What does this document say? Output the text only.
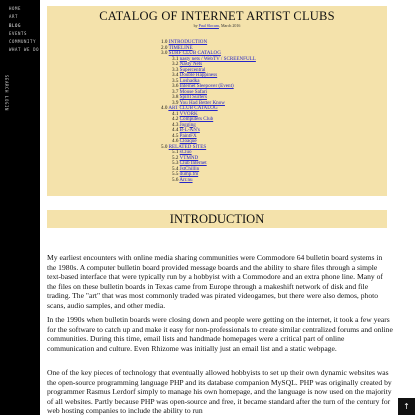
HOME
ART
BLOG
EVENTS
COMMUNITY
WHAT WE DO
SEARCH
LOGIN
CATALOG OF INTERNET ARTIST CLUBS
by Paul Slocum, March 2016
1.0 INTRODUCTION
2.0 TIMELINE
3.0 SURF CLUB CATALOG
3.1 nasty nets / WebTV / SCREENFULL
3.2 Nasty Nets
3.3 Supercentral
3.4 Double Happiness
3.5 Loshadka
3.6 Internet Sleepover (Event)
3.7 Mouse Safari
3.8 Spirit Surfers
3.9 You Had Better Know
4.0 ART CLUB CATALOG
4.1 VVORK
4.2 Computers Club
4.3 Jogging
4.4 B-L-AN's
4.5 PaintFX
4.6 Cloaque
5.0 RELATED SITES
5.1 sCluo
5.2 VTMND
5.3 Club Internet
5.4 JstChillin
5.5 dump.fm
5.6 Arr.nu
INTRODUCTION

My earliest encounters with online media sharing communities were Commodore 64 bulletin board systems in the 1980s. A computer bulletin board provided message boards and the ability to share files through a simple text-based interface that were typically run by a hobbyist with a Commodore and an extra phone line. Many of the files on these bulletin boards in Texas came from Europe through a makeshift network of disk and file trading. The "art" that was most commonly traded was pirated videogames, but there were also demos, photo scans, audio samples, and other media.

In the 1990s when bulletin boards were closing down and people were getting on the internet, it took a few years for the software to catch up and make it easy for non-professionals to create similar centralized forums and online communities. During this time, email lists and handmade homepages were a critical part of online communication and culture. Even Rhizome was initially just an email list and a static webpage.

One of the key pieces of technology that eventually allowed hobbyists to set up their own dynamic websites was the open-source programming language PHP and its database companion MySQL. PHP was originally created by programmer Rasmus Lerdorf simply to manage his own homepage, and the language is now used on the majority of all websites. Partly because PHP was open-source and free, it became standard after the turn of the century for web hosting companies to include the ability to run	↑
